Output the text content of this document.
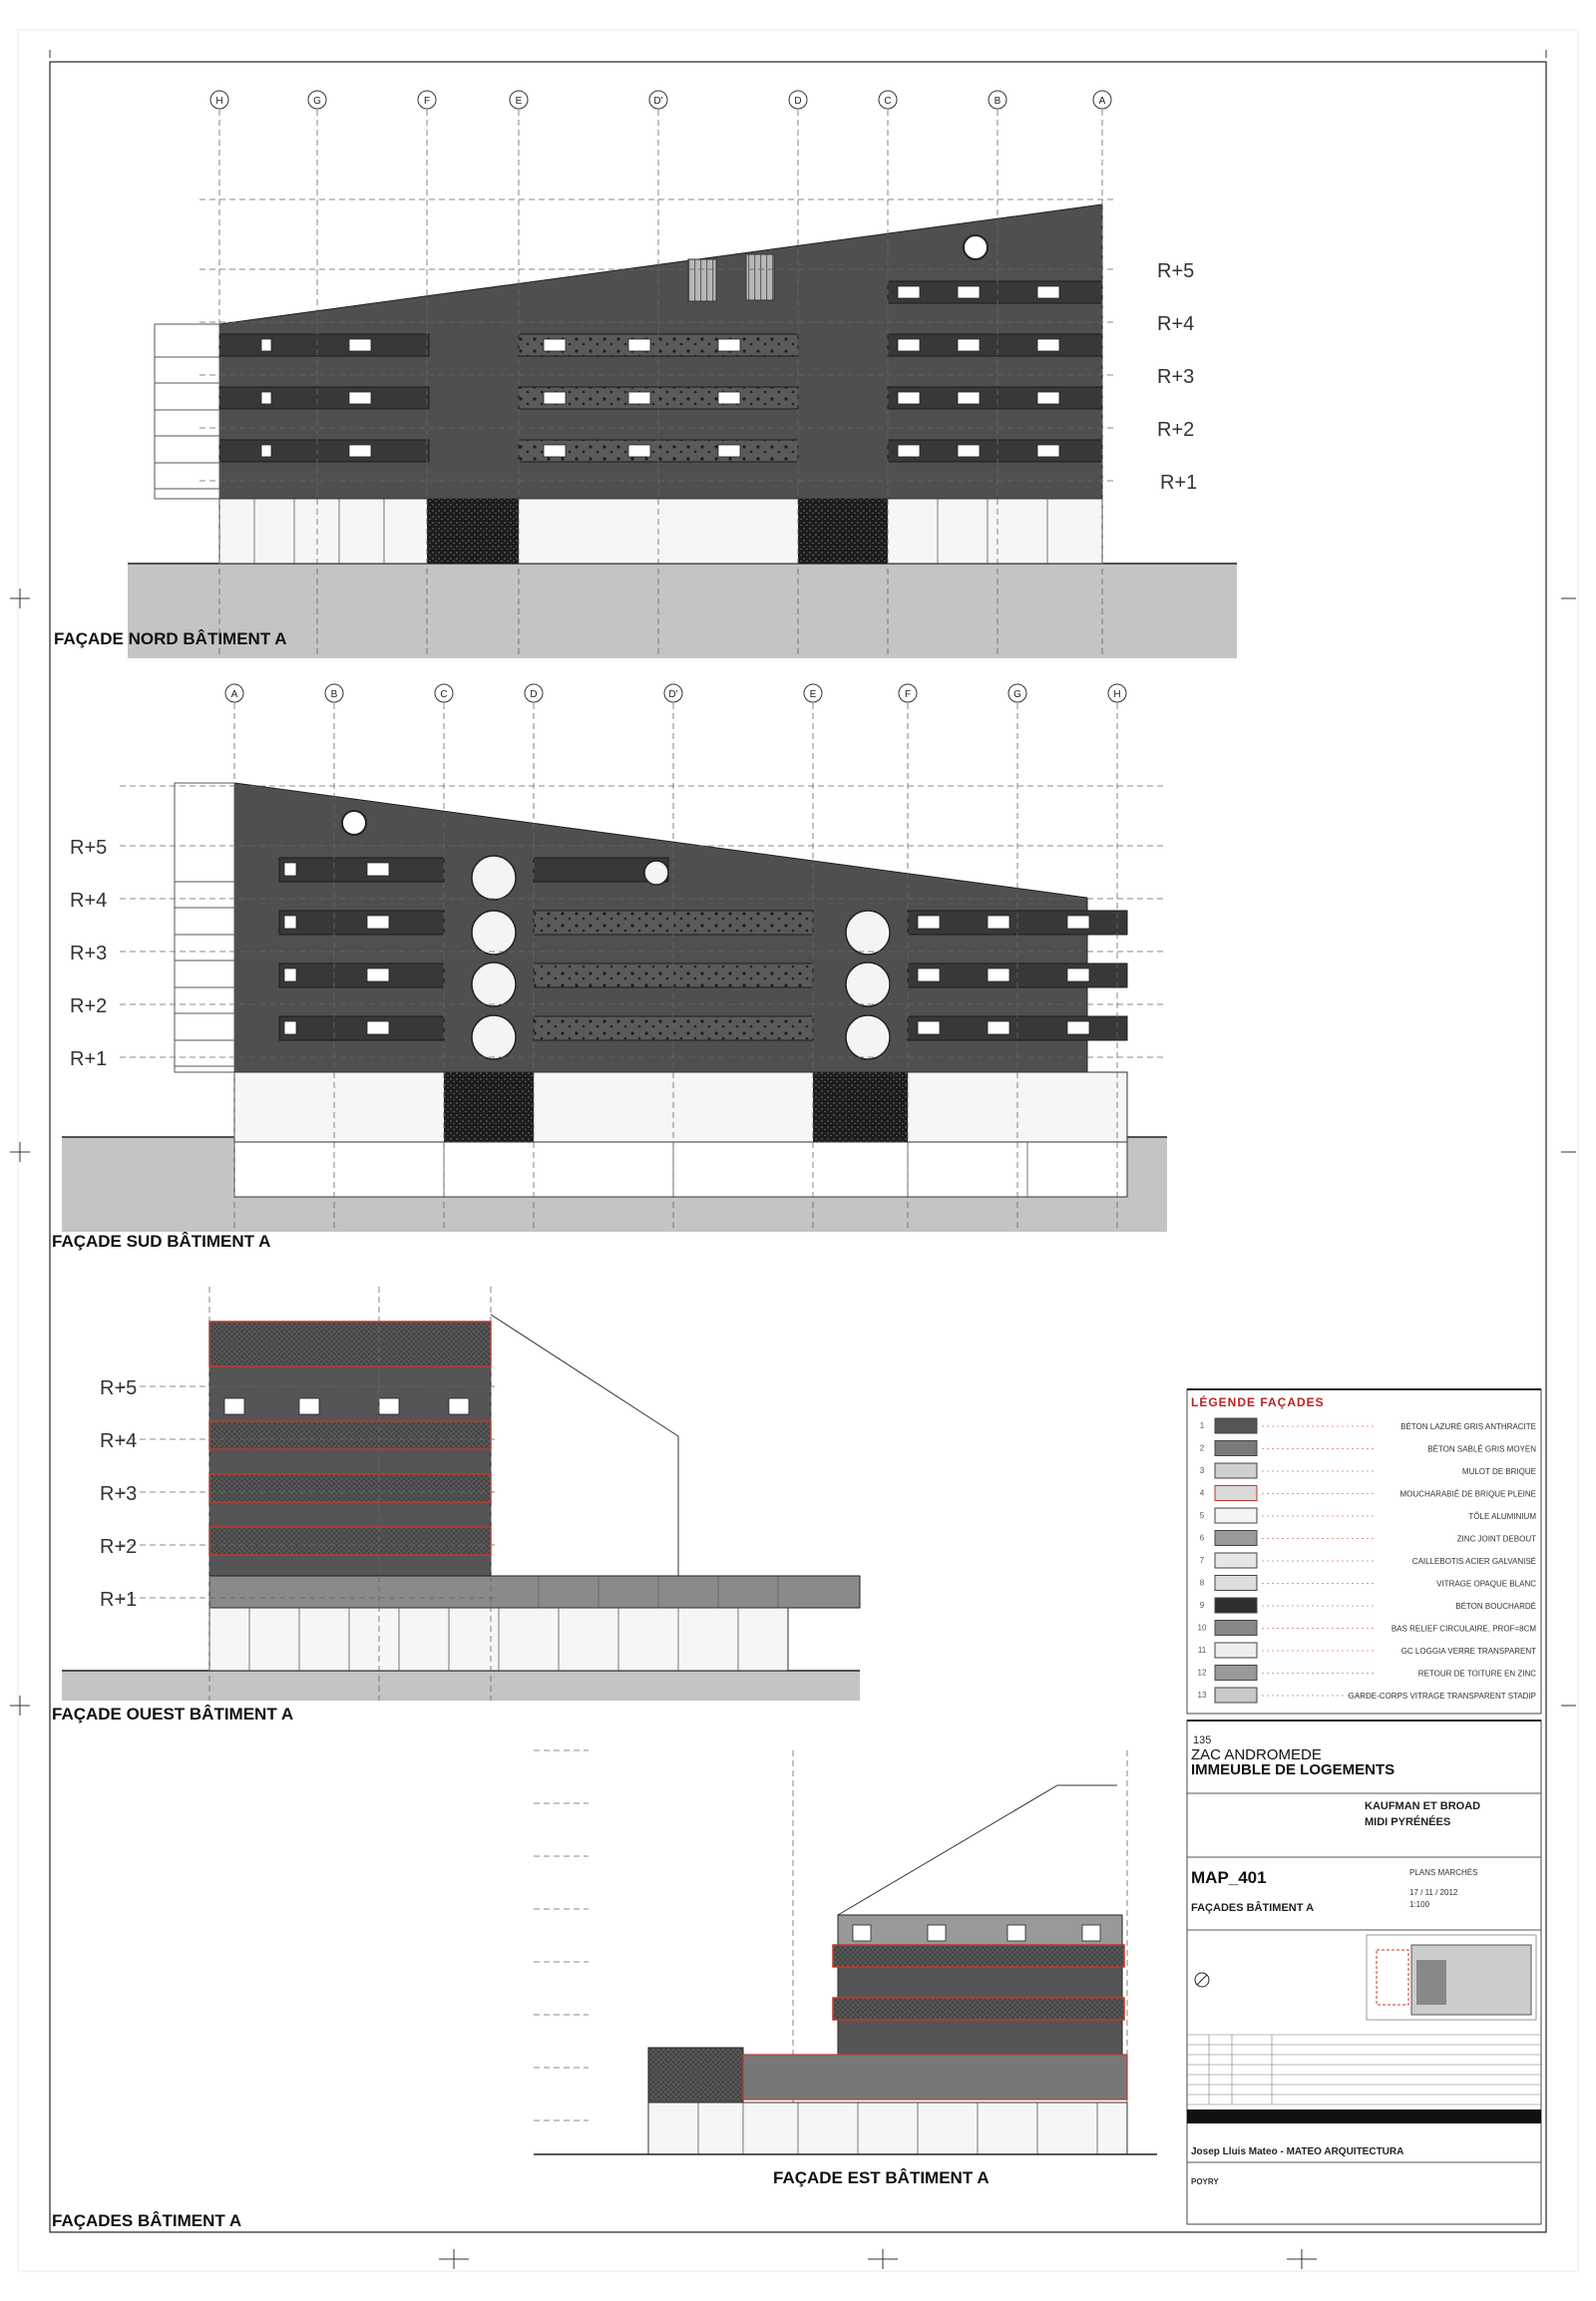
H	G	F	E	D'	D	C	B	A
R+5
R+4
R+3
R+2
R+1
FAÇADE NORD BÂTIMENT A
A	B	C	D	D'	E	F	G	H
R+5
R+4
R+3
R+2
R+1
FAÇADE SUD BÂTIMENT A
R+5
R+4
R+3
R+2
R+1
FAÇADE OUEST BÂTIMENT A
FAÇADE EST BÂTIMENT A
FAÇADES BÂTIMENT A
LÉGENDE FAÇADES
1	BÉTON LAZURÉ GRIS ANTHRACITE
2	BÉTON SABLÉ GRIS MOYEN
3	MULOT DE BRIQUE
4	MOUCHARABIÉ DE BRIQUE PLEINE
5	TÔLE ALUMINIUM
6	ZINC JOINT DEBOUT
7	CAILLEBOTIS ACIER GALVANISÉ
8	VITRAGE OPAQUE BLANC
9	BÉTON BOUCHARDÉ
10	BAS RELIEF CIRCULAIRE, PROF=8CM
11	GC LOGGIA VERRE TRANSPARENT
12	RETOUR DE TOITURE EN ZINC
13	GARDE-CORPS VITRAGE TRANSPARENT STADIP
135
ZAC ANDROMEDE
IMMEUBLE DE LOGEMENTS
KAUFMAN ET BROAD
MIDI PYRÉNÉES
MAP_401
FAÇADES BÂTIMENT A
PLANS MARCHÉS
17 / 11 / 2012
1:100
Josep Lluis Mateo - MATEO ARQUITECTURA
POYRY
